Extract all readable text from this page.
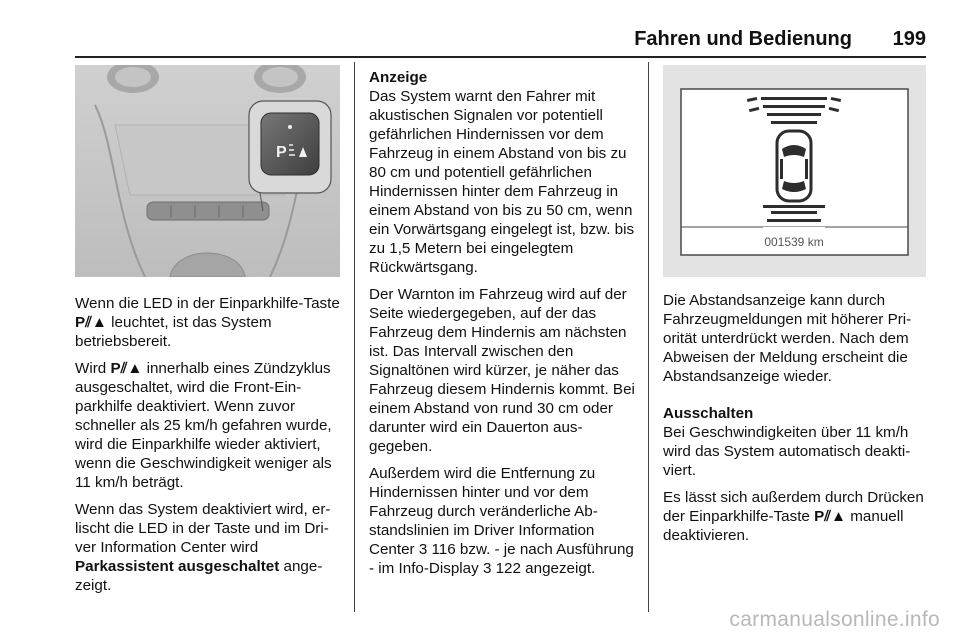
Fahren und Bedienung 199
P

Wenn die LED in der Einparkhilfe-Taste P⫽▲ leuchtet, ist das System betriebsbereit.

Wird P⫽▲ innerhalb eines Zündzyklus ausgeschaltet, wird die Front-Einparkhilfe deaktiviert. Wenn zuvor schneller als 25 km/h gefahren wurde, wird die Einparkhilfe wieder aktiviert, wenn die Geschwindigkeit weniger als 11 km/h beträgt.

Wenn das System deaktiviert wird, erlischt die LED in der Taste und im Driver Information Center wird Parkassistent ausgeschaltet angezeigt.

Anzeige
Das System warnt den Fahrer mit akustischen Signalen vor potentiell gefährlichen Hindernissen vor dem Fahrzeug in einem Abstand von bis zu 80 cm und potentiell gefährlichen Hindernissen hinter dem Fahrzeug in einem Abstand von bis zu 50 cm, wenn ein Vorwärtsgang eingelegt ist, bzw. bis zu 1,5 Metern bei eingelegtem Rückwärtsgang.

Der Warnton im Fahrzeug wird auf der Seite wiedergegeben, auf der das Fahrzeug dem Hindernis am nächsten ist. Das Intervall zwischen den Signaltönen wird kürzer, je näher das Fahrzeug diesem Hindernis kommt. Bei einem Abstand von rund 30 cm oder darunter wird ein Dauerton ausgegeben.

Außerdem wird die Entfernung zu Hindernissen hinter und vor dem Fahrzeug durch veränderliche Abstandslinien im Driver Information Center 3 116 bzw. - je nach Ausführung - im Info-Display 3 122 angezeigt.

001539 km

Die Abstandsanzeige kann durch Fahrzeugmeldungen mit höherer Priorität unterdrückt werden. Nach dem Abweisen der Meldung erscheint die Abstandsanzeige wieder.

Ausschalten
Bei Geschwindigkeiten über 11 km/h wird das System automatisch deaktiviert.

Es lässt sich außerdem durch Drücken der Einparkhilfe-Taste P⫽▲ manuell deaktivieren.

carmanualsonline.info
